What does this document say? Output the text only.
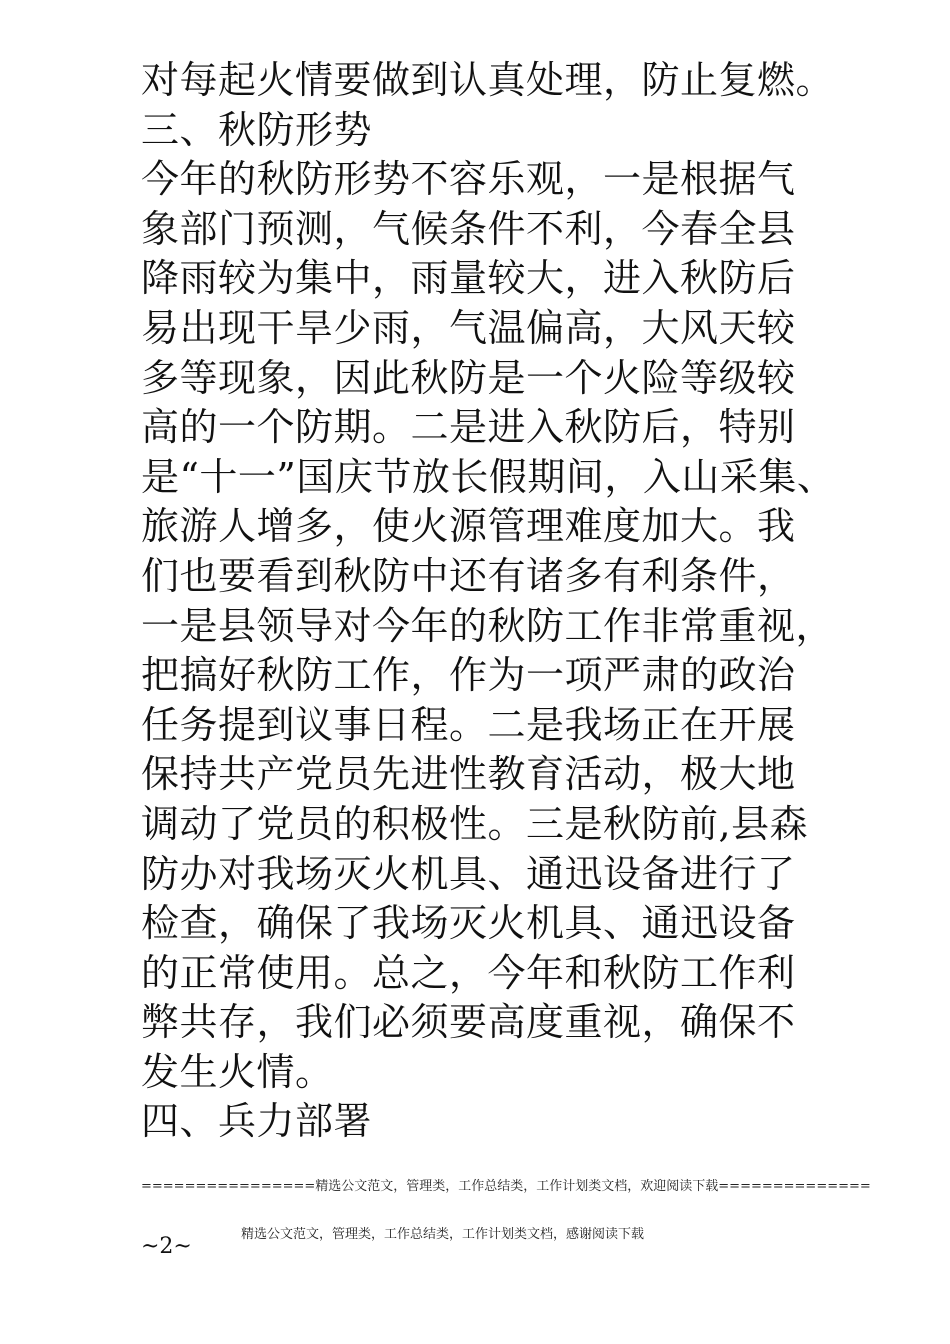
对每起火情要做到认真处理，防止复燃。
三、秋防形势
今年的秋防形势不容乐观，一是根据气
象部门预测，气候条件不利，今春全县
降雨较为集中，雨量较大，进入秋防后
易出现干旱少雨，气温偏高，大风天较
多等现象，因此秋防是一个火险等级较
高的一个防期。二是进入秋防后，特别
是“十一”国庆节放长假期间，入山采集、
旅游人增多，使火源管理难度加大。我
们也要看到秋防中还有诸多有利条件，
一是县领导对今年的秋防工作非常重视，
把搞好秋防工作，作为一项严肃的政治
任务提到议事日程。二是我场正在开展
保持共产党员先进性教育活动，极大地
调动了党员的积极性。三是秋防前,县森
防办对我场灭火机具、通迅设备进行了
检查，确保了我场灭火机具、通迅设备
的正常使用。总之，今年和秋防工作利
弊共存，我们必须要高度重视，确保不
发生火情。
四、兵力部署
================精选公文范文，管理类，工作总结类，工作计划类文档，欢迎阅读下载==============
~2~	精选公文范文，管理类，工作总结类，工作计划类文档，感谢阅读下载
